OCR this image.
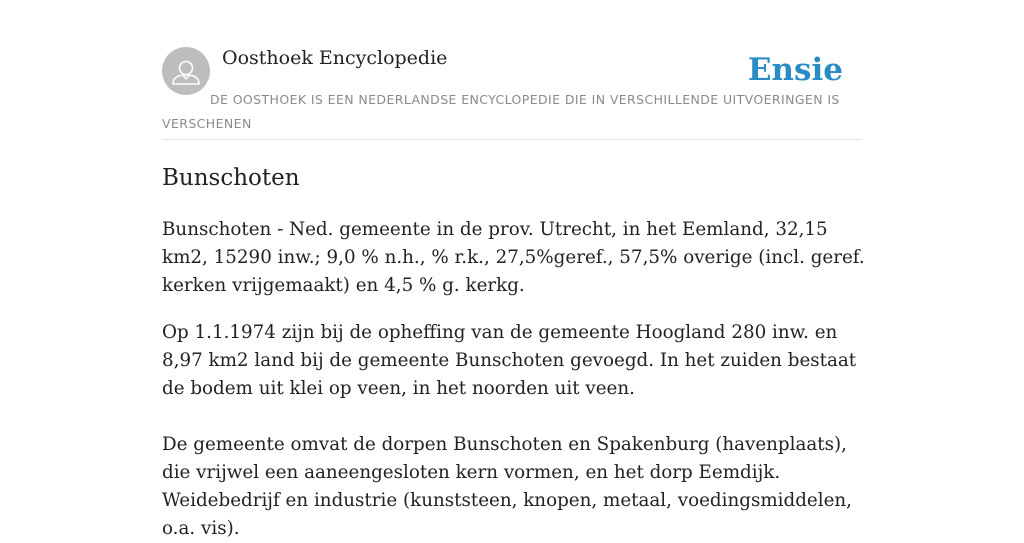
Oosthoek Encyclopedie	Ensie

DE OOSTHOEK IS EEN NEDERLANDSE ENCYCLOPEDIE DIE IN VERSCHILLENDE UITVOERINGEN IS VERSCHENEN

Bunschoten

Bunschoten - Ned. gemeente in de prov. Utrecht, in het Eemland, 32,15 km2, 15290 inw.; 9,0 % n.h., % r.k., 27,5%geref., 57,5% overige (incl. geref. kerken vrijgemaakt) en 4,5 % g. kerkg.

Op 1.1.1974 zijn bij de opheffing van de gemeente Hoogland 280 inw. en 8,97 km2 land bij de gemeente Bunschoten gevoegd. In het zuiden bestaat de bodem uit klei op veen, in het noorden uit veen.

De gemeente omvat de dorpen Bunschoten en Spakenburg (havenplaats), die vrijwel een aaneengesloten kern vormen, en het dorp Eemdijk. Weidebedrijf en industrie (kunststeen, knopen, metaal, voedingsmiddelen, o.a. vis).
